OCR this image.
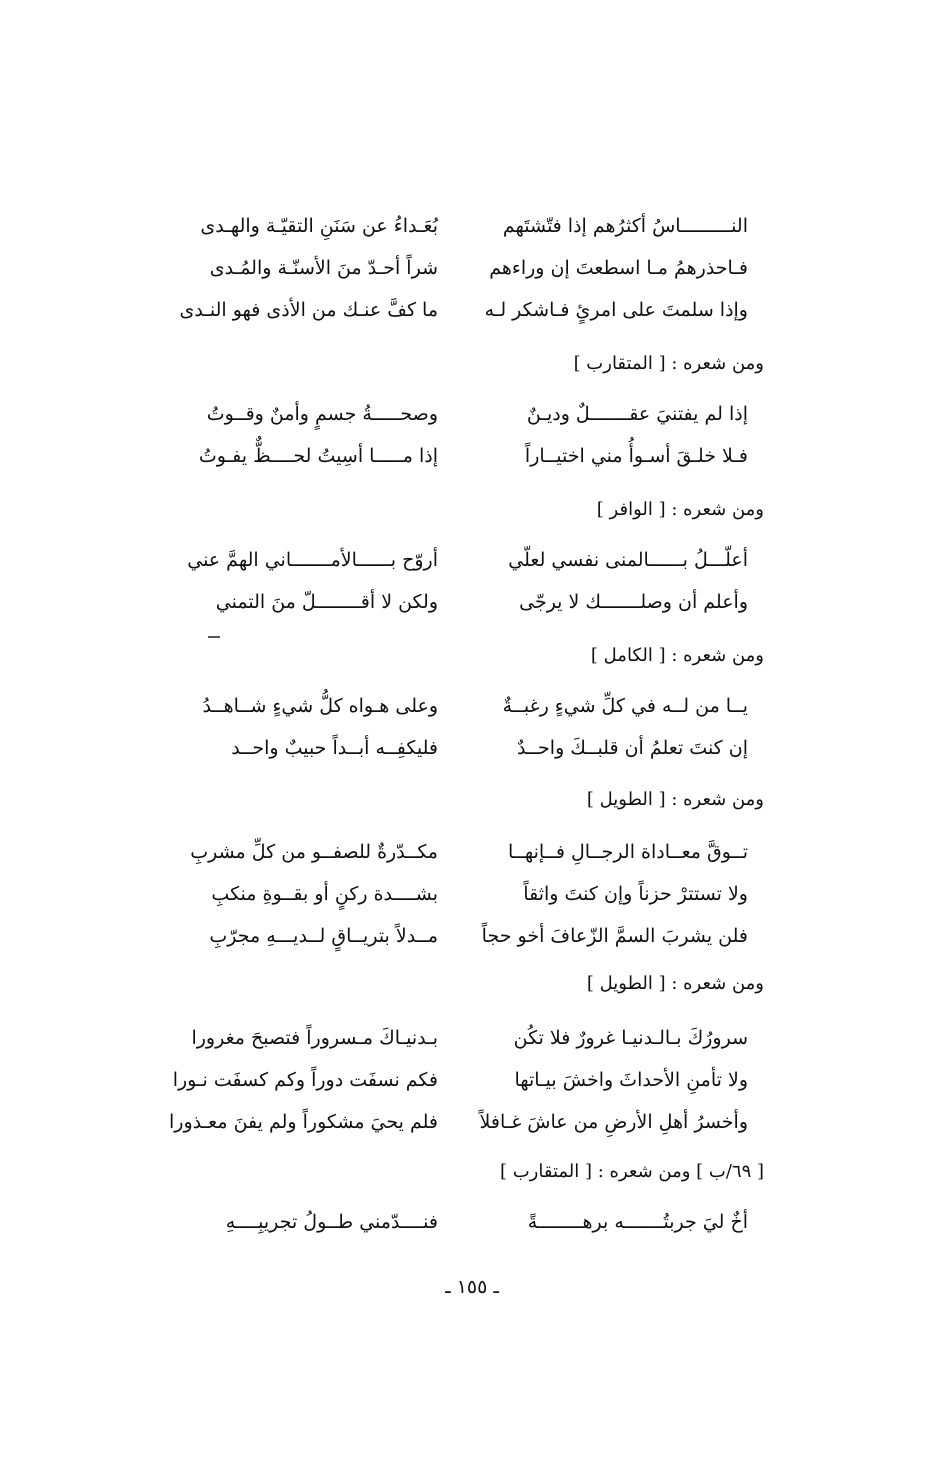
النـــــــــاسُ أكثرُهم إذا فتّشتَهم
بُعَـداءُ عن سَنَنِ التقيّـة والهـدى
فـاحذرهمُ مـا اسطعتَ إن وراءهم
شراً أحـدّ منَ الأسنّـة والمُـدى
وإذا سلمتَ على امرئٍ فـاشكر لـه
ما كفَّ عنـك من الأذى فهو النـدى
ومن شعره : [ المتقارب ]
إذا لم يفتنيَ عقـــــــلٌ وديـنٌ
وصحـــــةُ جسمٍ وأمنٌ وقــوتُ
فـلا خلـقَ أسـوأُ مني اختيــاراً
إذا مـــــا أسِيتُ لحــــظٌّ يفـوتُ
ومن شعره : [ الوافر ]
أعلّـــلُ بــــــالمنى نفسي لعلّي
أروّح بــــــالأمـــــــاني الهمَّ عني
وأعلم أن وصلـــــــك لا يرجّى
ولكن لا أقــــــــلّ منَ التمني
ومن شعره : [ الكامل ]
يــا من لــه في كلِّ شيءٍ رغبــةٌ
وعلى هـواه كلُّ شيءٍ شــاهــدُ
إن كنتَ تعلمُ أن قلبــكَ واحــدٌ
فليكفِــه أبــداً حبيبٌ واحــد
ومن شعره : [ الطويل ]
تــوقَّ معــاداة الرجــالِ فــإنهــا
مكــدّرةٌ للصفــو من كلِّ مشربِ
ولا تستترْ حزناً وإن كنتَ واثقاً
بشــــدة ركنٍ أو بقــوةِ منكبِ
فلن يشربَ السمَّ الزّعافَ أخو حجاً
مــدلاً بتريــاقٍ لــديـــهِ مجرّبِ
ومن شعره : [ الطويل ]
سرورُكَ بـالـدنيـا غرورٌ فلا تكُن
بـدنيـاكَ مـسروراً فتصبحَ مغرورا
ولا تأمنِ الأحداثَ واخشَ بيـاتها
فكم نسفَت دوراً وكم كسفَت نـورا
وأخسرُ أهلِ الأرضِ من عاشَ غـافلاً
فلم يحيَ مشكوراً ولم يفنَ معـذورا
[ ٦٩/ب ] ومن شعره : [ المتقارب ]
أخٌ ليَ جربتُـــــــه برهــــــــةً
فنــــدّمني طــولُ تجريبِــــهِ
ـ ١٥٥ ـ
